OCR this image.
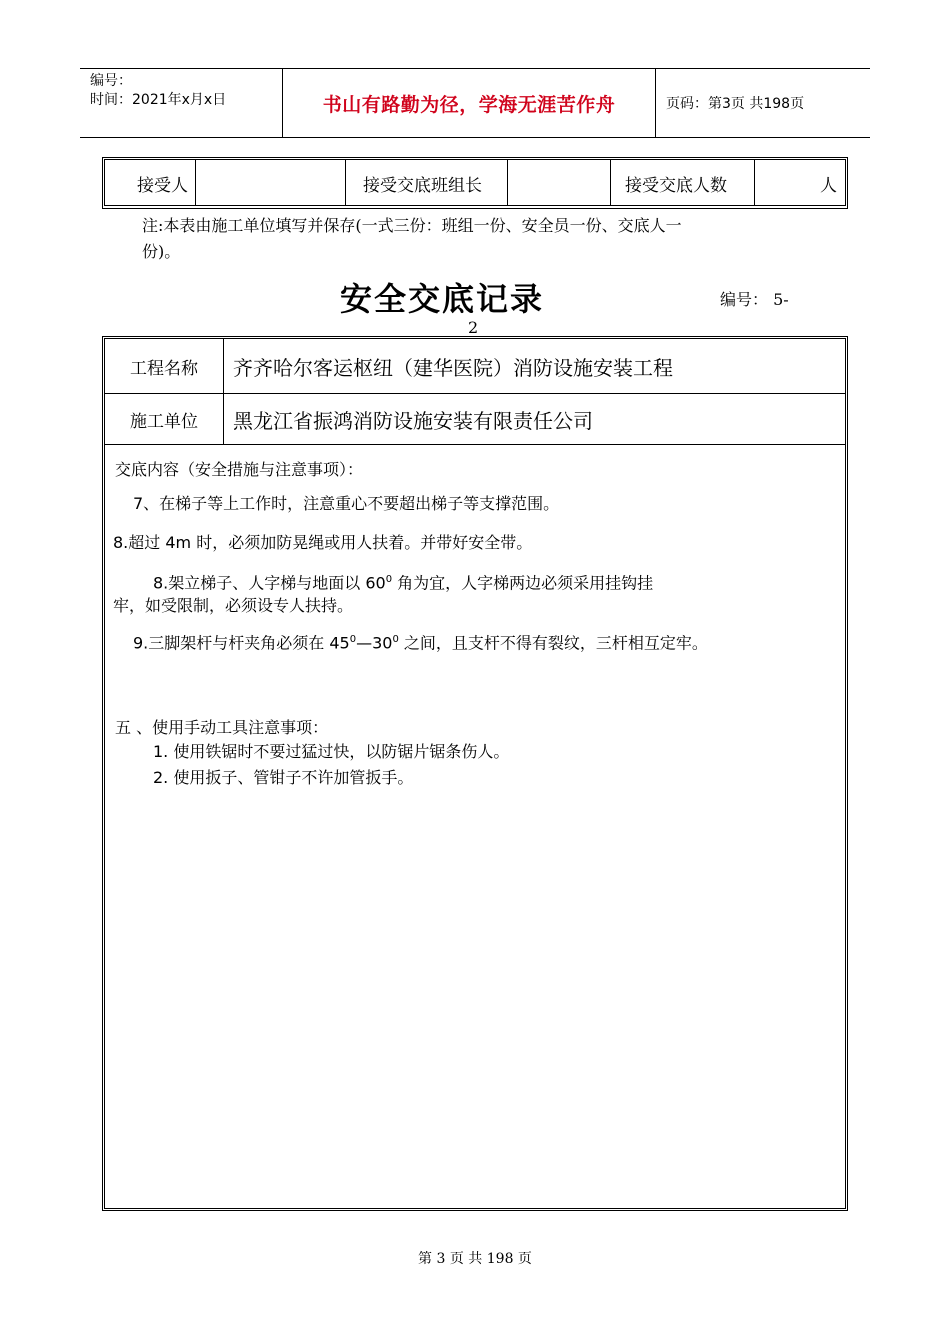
编号：
时间：2021年x月x日	书山有路勤为径，学海无涯苦作舟	页码：第3页 共198页
接受人	接受交底班组长	接受交底人数	人
注:本表由施工单位填写并保存(一式三份：班组一份、安全员一份、交底人一
份)。
安全交底记录	编号： 5-
2
工程名称	齐齐哈尔客运枢纽（建华医院）消防设施安装工程
施工单位	黑龙江省振鸿消防设施安装有限责任公司
交底内容（安全措施与注意事项）：
7、在梯子等上工作时，注意重心不要超出梯子等支撑范围。
8.超过 4m 时，必须加防晃绳或用人扶着。并带好安全带。
8.架立梯子、人字梯与地面以 $60^0$ 角为宜，人字梯两边必须采用挂钩挂
牢，如受限制，必须设专人扶持。
9.三脚架杆与杆夹角必须在 $45^0—30^0$ 之间，且支杆不得有裂纹，三杆相互定牢。
五 、使用手动工具注意事项：
1. 使用铁锯时不要过猛过快，以防锯片锯条伤人。
2. 使用扳子、管钳子不许加管扳手。
第 3 页 共 198 页
